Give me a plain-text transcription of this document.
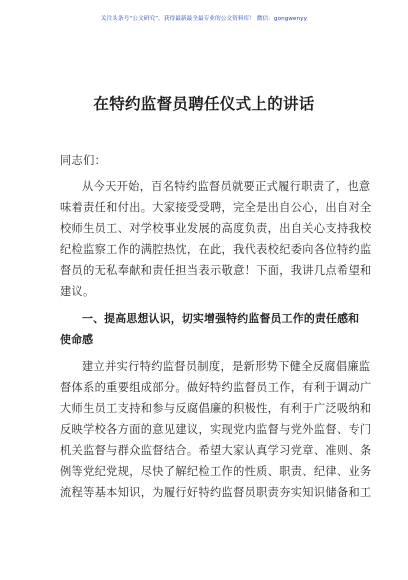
关注头条号“公文研究”，获得最新最全最专业的公文资料库！ 微信：gongwenyy
在特约监督员聘任仪式上的讲话
同志们：
从今天开始，百名特约监督员就要正式履行职责了，也意
味着责任和付出。大家接受受聘，完全是出自公心，出自对全
校师生员工、对学校事业发展的高度负责，出自关心支持我校
纪检监察工作的满腔热忱，在此，我代表校纪委向各位特约监
督员的无私奉献和责任担当表示敬意！下面，我讲几点希望和
建议。
一、提高思想认识，切实增强特约监督员工作的责任感和
使命感
建立并实行特约监督员制度，是新形势下健全反腐倡廉监
督体系的重要组成部分。做好特约监督员工作，有利于调动广
大师生员工支持和参与反腐倡廉的积极性，有利于广泛吸纳和
反映学校各方面的意见建议，实现党内监督与党外监督、专门
机关监督与群众监督结合。希望大家认真学习党章、准则、条
例等党纪党规，尽快了解纪检工作的性质、职责、纪律、业务
流程等基本知识，为履行好特约监督员职责夯实知识储备和工
